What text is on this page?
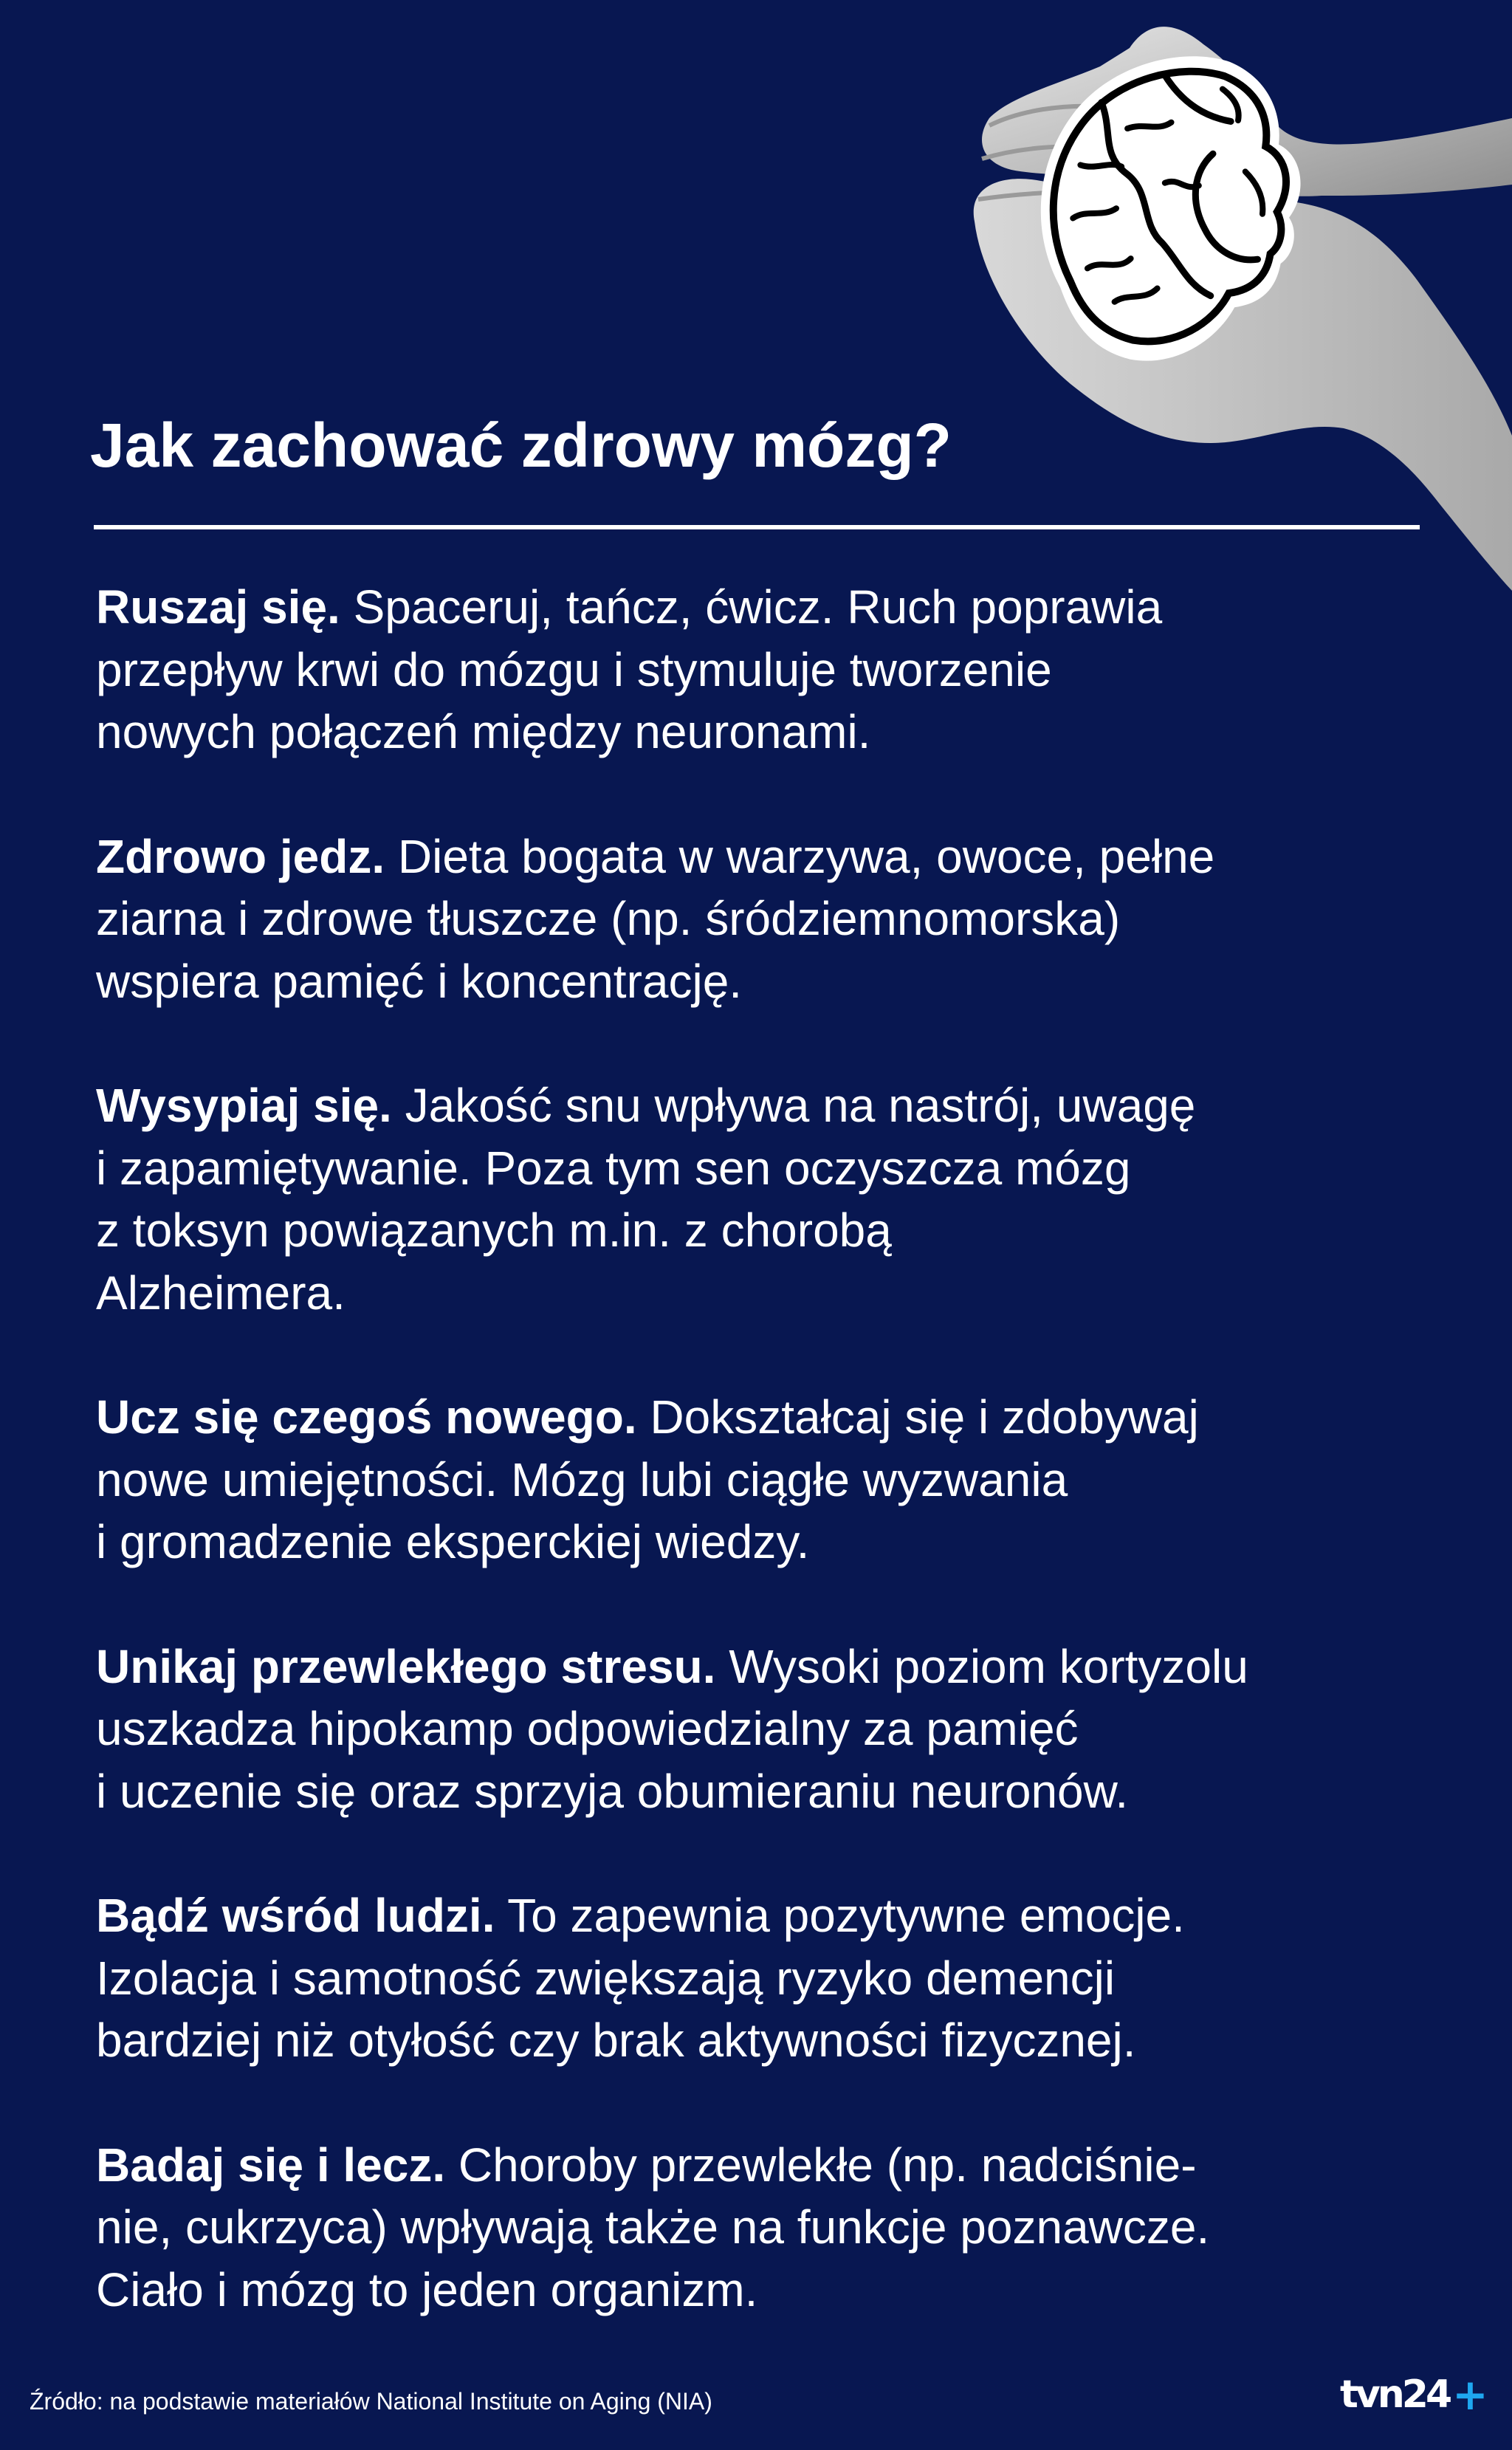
Jak zachować zdrowy mózg?

Ruszaj się. Spaceruj, tańcz, ćwicz. Ruch poprawia
przepływ krwi do mózgu i stymuluje tworzenie
nowych połączeń między neuronami.

Zdrowo jedz. Dieta bogata w warzywa, owoce, pełne
ziarna i zdrowe tłuszcze (np. śródziemnomorska)
wspiera pamięć i koncentrację.

Wysypiaj się. Jakość snu wpływa na nastrój, uwagę
i zapamiętywanie. Poza tym sen oczyszcza mózg
z toksyn powiązanych m.in. z chorobą
Alzheimera.

Ucz się czegoś nowego. Dokształcaj się i zdobywaj
nowe umiejętności. Mózg lubi ciągłe wyzwania
i gromadzenie eksperckiej wiedzy.

Unikaj przewlekłego stresu. Wysoki poziom kortyzolu
uszkadza hipokamp odpowiedzialny za pamięć
i uczenie się oraz sprzyja obumieraniu neuronów.

Bądź wśród ludzi. To zapewnia pozytywne emocje.
Izolacja i samotność zwiększają ryzyko demencji
bardziej niż otyłość czy brak aktywności fizycznej.

Badaj się i lecz. Choroby przewlekłe (np. nadciśnie-
nie, cukrzyca) wpływają także na funkcje poznawcze.
Ciało i mózg to jeden organizm.

Źródło: na podstawie materiałów National Institute on Aging (NIA)	tvn24 +
